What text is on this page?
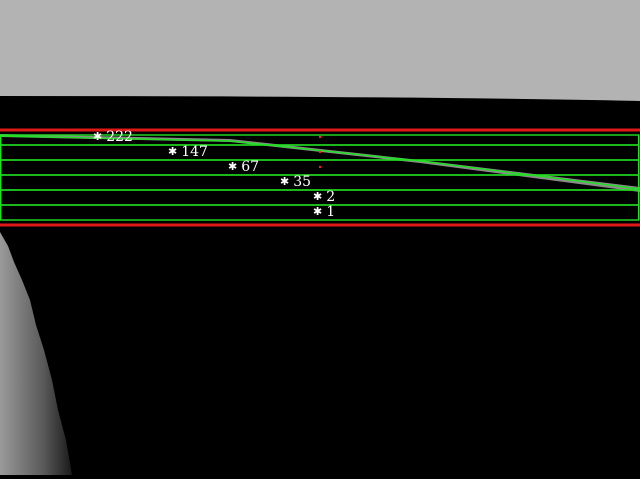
✱ 222
✱ 147
✱ 67
✱ 35
✱ 2
✱ 1
